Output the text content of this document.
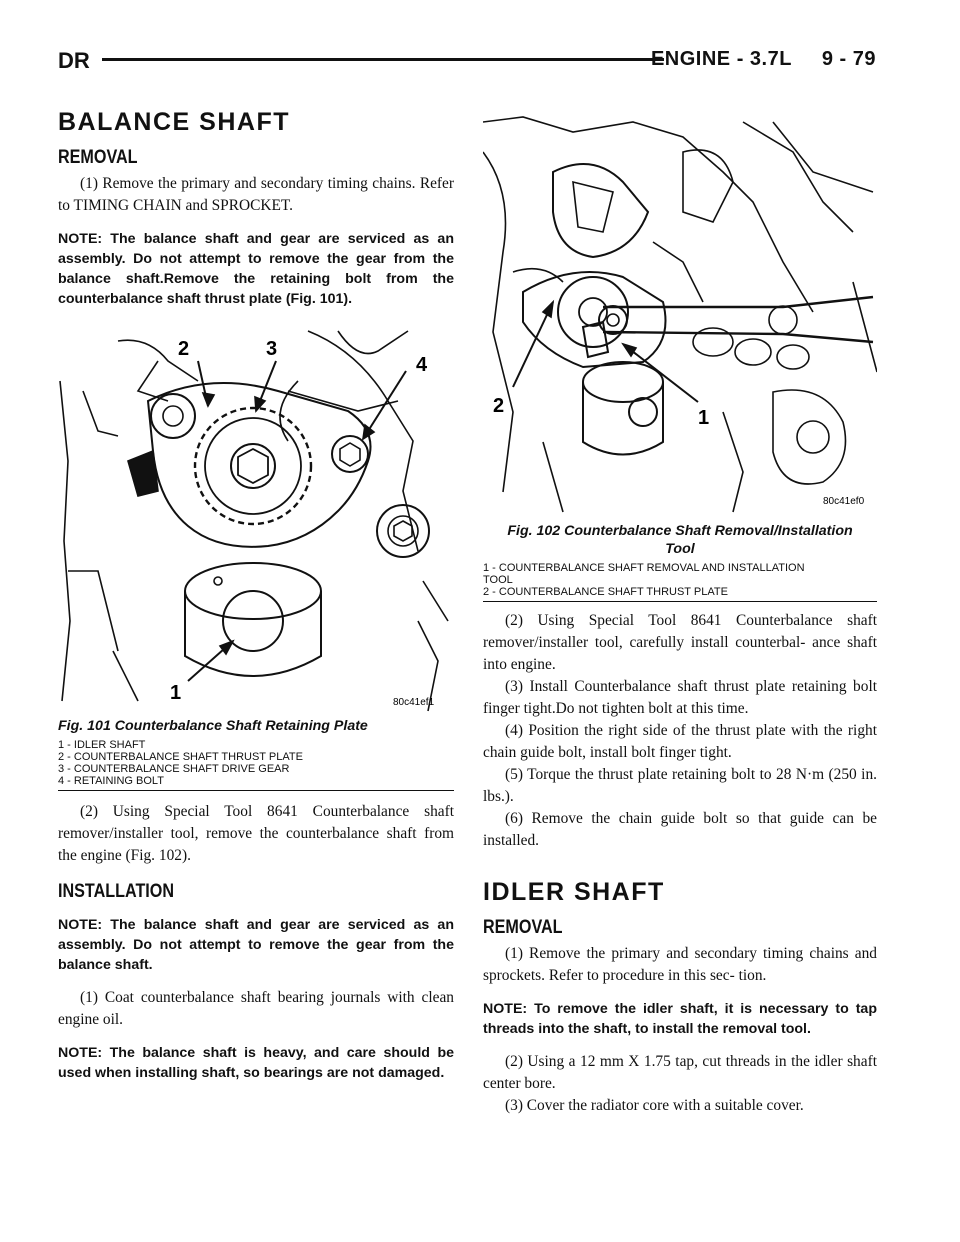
DR	ENGINE - 3.7L     9 - 79
BALANCE SHAFT
REMOVAL

(1) Remove the primary and secondary timing chains. Refer to TIMING CHAIN and SPROCKET.

NOTE: The balance shaft and gear are serviced as an assembly. Do not attempt to remove the gear from the balance shaft.Remove the retaining bolt from the counterbalance shaft thrust plate (Fig. 101).
2	3
4
1	80c41ef1
Fig. 101 Counterbalance Shaft Retaining Plate
1 - IDLER SHAFT
2 - COUNTERBALANCE SHAFT THRUST PLATE
3 - COUNTERBALANCE SHAFT DRIVE GEAR
4 - RETAINING BOLT

(2) Using Special Tool 8641 Counterbalance shaft remover/installer tool, remove the counterbalance shaft from the engine (Fig. 102).

INSTALLATION
NOTE: The balance shaft and gear are serviced as an assembly. Do not attempt to remove the gear from the balance shaft.

(1) Coat counterbalance shaft bearing journals with clean engine oil.

NOTE: The balance shaft is heavy, and care should be used when installing shaft, so bearings are not damaged.
2
1
80c41ef0
Fig. 102 Counterbalance Shaft Removal/Installation
Tool
1 - COUNTERBALANCE SHAFT REMOVAL AND INSTALLATION
TOOL
2 - COUNTERBALANCE SHAFT THRUST PLATE

(2) Using Special Tool 8641 Counterbalance shaft remover/installer tool, carefully install counterbal- ance shaft into engine.

(3) Install Counterbalance shaft thrust plate retaining bolt finger tight.Do not tighten bolt at this time.

(4) Position the right side of the thrust plate with the right chain guide bolt, install bolt finger tight.

(5) Torque the thrust plate retaining bolt to 28 N·m (250 in. lbs.).

(6) Remove the chain guide bolt so that guide can be installed.

IDLER SHAFT
REMOVAL

(1) Remove the primary and secondary timing chains and sprockets. Refer to procedure in this sec- tion.

NOTE: To remove the idler shaft, it is necessary to tap threads into the shaft, to install the removal tool.

(2) Using a 12 mm X 1.75 tap, cut threads in the idler shaft center bore.

(3) Cover the radiator core with a suitable cover.
